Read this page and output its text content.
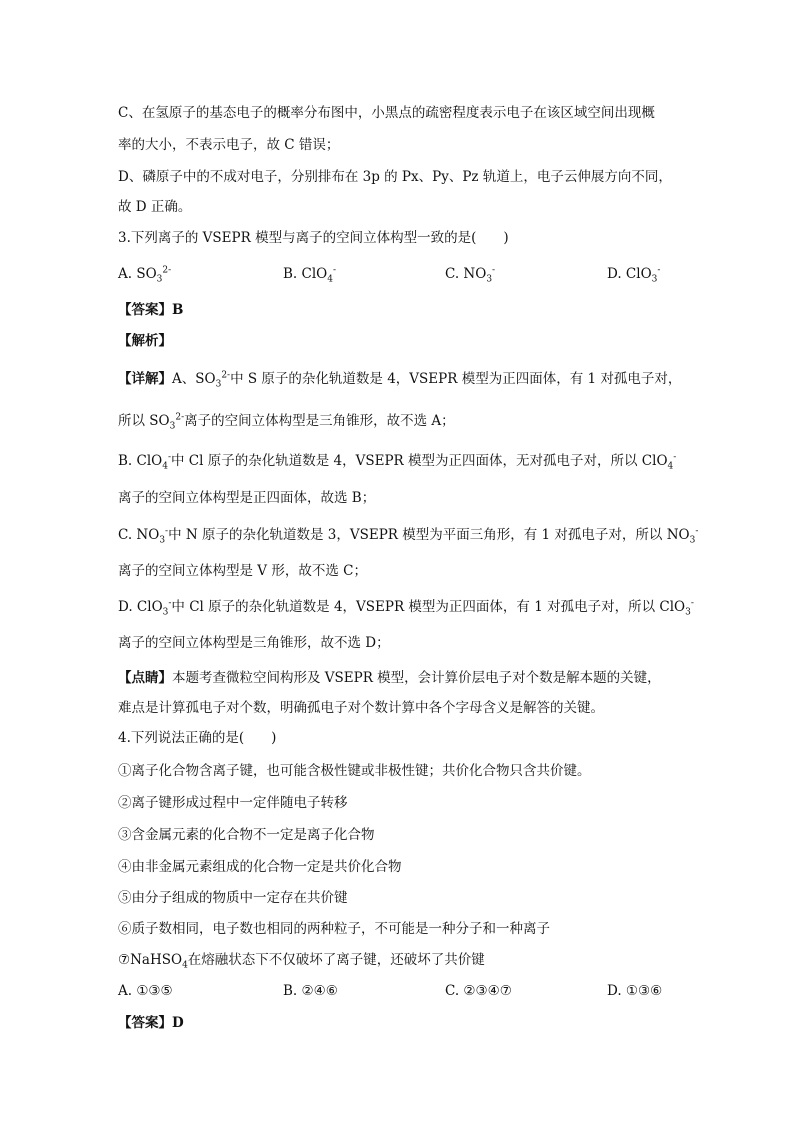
C、在氢原子的基态电子的概率分布图中，小黑点的疏密程度表示电子在该区域空间出现概
率的大小，不表示电子，故 C 错误；
D、磷原子中的不成对电子，分别排布在 3p 的 Px、Py、Pz 轨道上，电子云伸展方向不同，
故 D 正确。
3.下列离子的 VSEPR 模型与离子的空间立体构型一致的是(　　)
A. $SO_3^{2-}$	B. ClO$_4$-	C. $NO_3^-$	D. ClO$_3$-
【答案】B
【解析】
【详解】A、$SO_3^{2-}$中 S 原子的杂化轨道数是 4，VSEPR 模型为正四面体，有 1 对孤电子对，
所以 $SO_3^{2-}$离子的空间立体构型是三角锥形，故不选 A；
B. ClO$_4$-中 Cl 原子的杂化轨道数是 4，VSEPR 模型为正四面体，无对孤电子对，所以 ClO$_4$-
离子的空间立体构型是正四面体，故选 B；
C. $NO_3^-$中 N 原子的杂化轨道数是 3，VSEPR 模型为平面三角形，有 1 对孤电子对，所以 $NO_3^-$
离子的空间立体构型是 V 形，故不选 C；
D. ClO$_3$-中 Cl 原子的杂化轨道数是 4，VSEPR 模型为正四面体，有 1 对孤电子对，所以 ClO$_3$-
离子的空间立体构型是三角锥形，故不选 D；
【点睛】本题考查微粒空间构形及 VSEPR 模型，会计算价层电子对个数是解本题的关键，
难点是计算孤电子对个数，明确孤电子对个数计算中各个字母含义是解答的关键。
4.下列说法正确的是(　　)
①离子化合物含离子键，也可能含极性键或非极性键；共价化合物只含共价键。
②离子键形成过程中一定伴随电子转移
③含金属元素的化合物不一定是离子化合物
④由非金属元素组成的化合物一定是共价化合物
⑤由分子组成的物质中一定存在共价键
⑥质子数相同，电子数也相同的两种粒子，不可能是一种分子和一种离子
⑦NaHSO$_4$在熔融状态下不仅破坏了离子键，还破坏了共价键
A. ①③⑤	B. ②④⑥	C. ②③④⑦	D. ①③⑥
【答案】D
